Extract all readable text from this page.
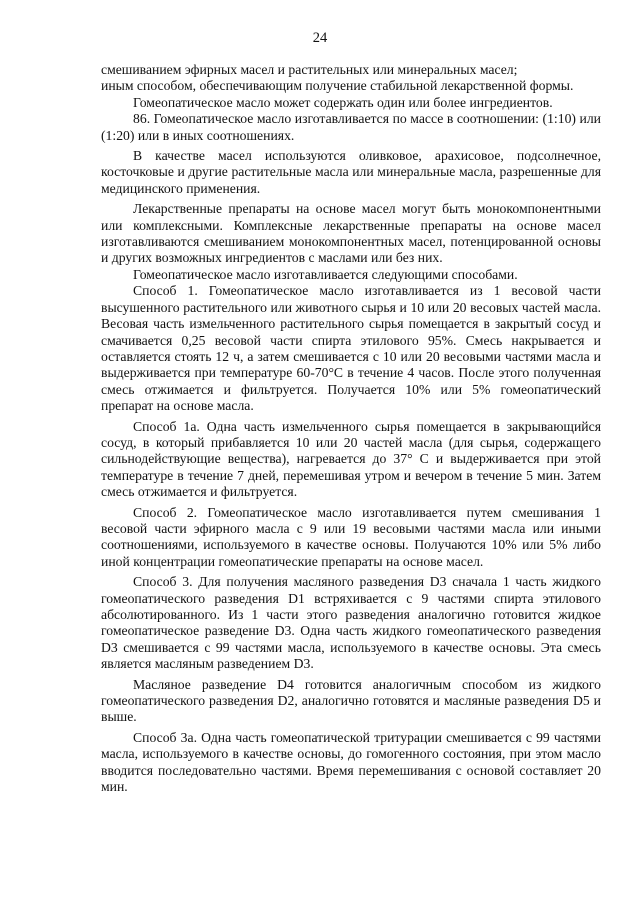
24

смешиванием эфирных масел и растительных или минеральных масел;

иным способом, обеспечивающим получение стабильной лекарственной формы.

Гомеопатическое масло может содержать один или более ингредиентов.

86. Гомеопатическое масло изготавливается по массе в соотношении: (1:10) или (1:20) или в иных соотношениях.

В качестве масел используются оливковое, арахисовое, подсолнечное, косточковые и другие растительные масла или минеральные масла, разрешенные для медицинского применения.

Лекарственные препараты на основе масел могут быть монокомпонентными или комплексными. Комплексные лекарственные препараты на основе масел изготавливаются смешиванием монокомпонентных масел, потенцированной основы и других возможных ингредиентов с маслами или без них.

Гомеопатическое масло изготавливается следующими способами.

Способ 1. Гомеопатическое масло изготавливается из 1 весовой части высушенного растительного или животного сырья и 10 или 20 весовых частей масла. Весовая часть измельченного растительного сырья помещается в закрытый сосуд и смачивается 0,25 весовой части спирта этилового 95%. Смесь накрывается и оставляется стоять 12 ч, а затем смешивается с 10 или 20 весовыми частями масла и выдерживается при температуре 60-70°С в течение 4 часов. После этого полученная смесь отжимается и фильтруется. Получается 10% или 5% гомеопатический препарат на основе масла.

Способ 1а. Одна часть измельченного сырья помещается в закрывающийся сосуд, в который прибавляется 10 или 20 частей масла (для сырья, содержащего сильнодействующие вещества), нагревается до 37° С и выдерживается при этой температуре в течение 7 дней, перемешивая утром и вечером в течение 5 мин. Затем смесь отжимается и фильтруется.

Способ 2. Гомеопатическое масло изготавливается путем смешивания 1 весовой части эфирного масла с 9 или 19 весовыми частями масла или иными соотношениями, используемого в качестве основы. Получаются 10% или 5% либо иной концентрации гомеопатические препараты на основе масел.

Способ 3. Для получения масляного разведения D3 сначала 1 часть жидкого гомеопатического разведения D1 встряхивается с 9 частями спирта этилового абсолютированного. Из 1 части этого разведения аналогично готовится жидкое гомеопатическое разведение D3. Одна часть жидкого гомеопатического разведения D3 смешивается с 99 частями масла, используемого в качестве основы. Эта смесь является масляным разведением D3.

Масляное разведение D4 готовится аналогичным способом из жидкого гомеопатического разведения D2, аналогично готовятся и масляные разведения D5 и выше.

Способ 3а. Одна часть гомеопатической тритурации смешивается с 99 частями масла, используемого в качестве основы, до гомогенного состояния, при этом масло вводится последовательно частями. Время перемешивания с основой составляет 20 мин.
